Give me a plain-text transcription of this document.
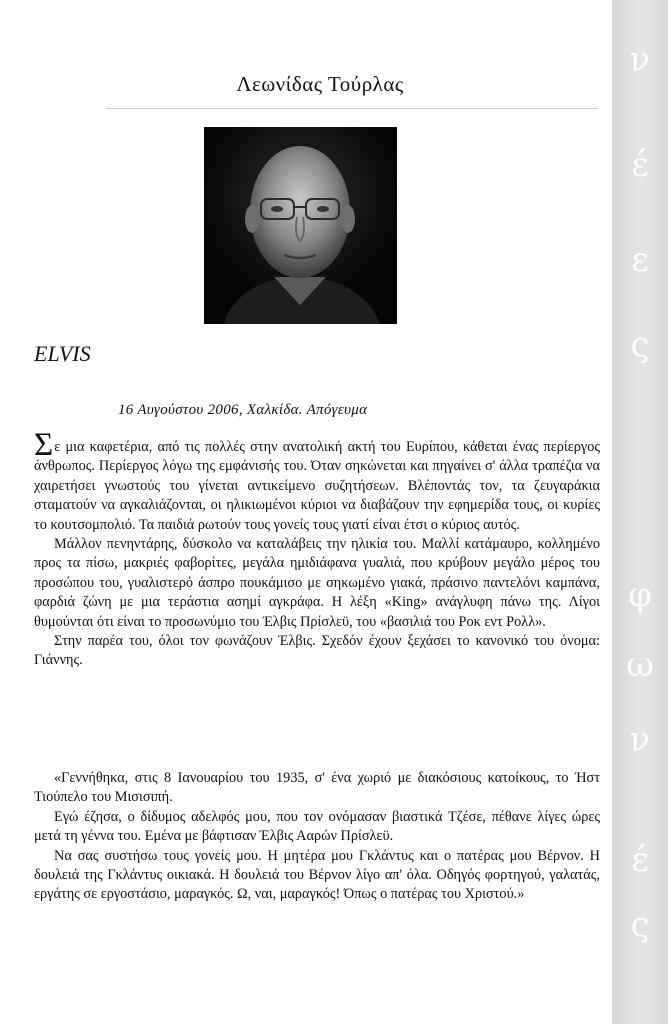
Λεωνίδας Τούρλας
ELVIS
16 Αυγούστου 2006, Χαλκίδα. Απόγευμα

Σε μια καφετέρια, από τις πολλές στην ανατολική ακτή του Ευρίπου, κάθεται ένας περίεργος άνθρωπος. Περίεργος λόγω της εμφάνισής του. Όταν σηκώνεται και πηγαίνει σ' άλλα τραπέζια να χαιρετήσει γνωστούς του γίνεται αντικείμενο συζητήσεων. Βλέποντάς τον, τα ζευγαράκια σταματούν να αγκαλιάζονται, οι ηλικιωμένοι κύριοι να διαβάζουν την εφημερίδα τους, οι κυρίες το κουτσομπολιό. Τα παιδιά ρωτούν τους γονείς τους γιατί είναι έτσι ο κύριος αυτός.

Μάλλον πενηντάρης, δύσκολο να καταλάβεις την ηλικία του. Μαλλί κατάμαυρο, κολλημένο προς τα πίσω, μακριές φαβορίτες, μεγάλα ημιδιάφανα γυαλιά, που κρύβουν μεγάλο μέρος του προσώπου του, γυαλιστερό άσπρο πουκάμισο με σηκωμένο γιακά, πράσινο παντελόνι καμπάνα, φαρδιά ζώνη με μια τεράστια ασημί αγκράφα. Η λέξη «King» ανάγλυφη πάνω της. Λίγοι θυμούνται ότι είναι το προσωνύμιο του Έλβις Πρίσλεϋ, του «βασιλιά του Ροκ εντ Ρολλ».

Στην παρέα του, όλοι τον φωνάζουν Έλβις. Σχεδόν έχουν ξεχάσει το κανονικό του όνομα: Γιάννης.

«Γεννήθηκα, στις 8 Ιανουαρίου του 1935, σ' ένα χωριό με διακόσιους κατοίκους, το Ήστ Τιούπελο του Μισισιπή.

Εγώ έζησα, ο δίδυμος αδελφός μου, που τον ονόμασαν βιαστικά Τζέσε, πέθανε λίγες ώρες μετά τη γέννα του. Εμένα με βάφτισαν Έλβις Ααρών Πρίσλεϋ.

Να σας συστήσω τους γονείς μου. Η μητέρα μου Γκλάντυς και ο πατέρας μου Βέρνον. Η δουλειά της Γκλάντυς οικιακά. Η δουλειά του Βέρνον λίγο απ' όλα. Οδηγός φορτηγού, γαλατάς, εργάτης σε εργοστάσιο, μαραγκός. Ω, ναι, μαραγκός! Όπως ο πατέρας του Χριστού.»

ν
έ
ε
ς
φ
ω
ν
έ
ς
